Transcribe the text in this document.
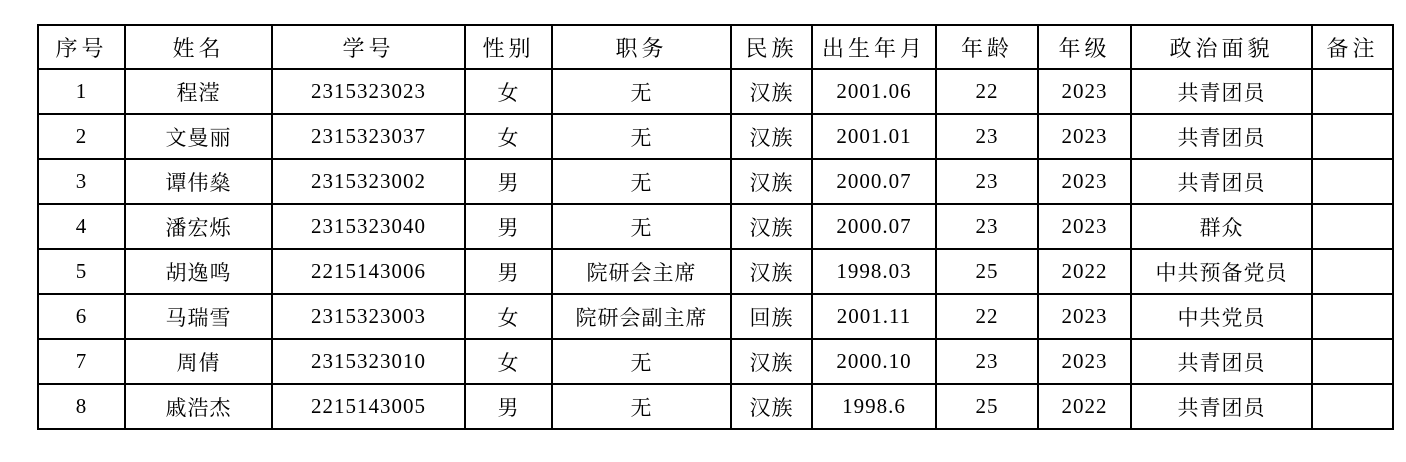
序号	姓名	学号	性别	职务	民族	出生年月	年龄	年级	政治面貌	备注
1	程滢	2315323023	女	无	汉族	2001.06	22	2023	共青团员	
2	文曼丽	2315323037	女	无	汉族	2001.01	23	2023	共青团员	
3	谭伟燊	2315323002	男	无	汉族	2000.07	23	2023	共青团员	
4	潘宏烁	2315323040	男	无	汉族	2000.07	23	2023	群众	
5	胡逸鸣	2215143006	男	院研会主席	汉族	1998.03	25	2022	中共预备党员	
6	马瑞雪	2315323003	女	院研会副主席	回族	2001.11	22	2023	中共党员	
7	周倩	2315323010	女	无	汉族	2000.10	23	2023	共青团员	
8	戚浩杰	2215143005	男	无	汉族	1998.6	25	2022	共青团员	
